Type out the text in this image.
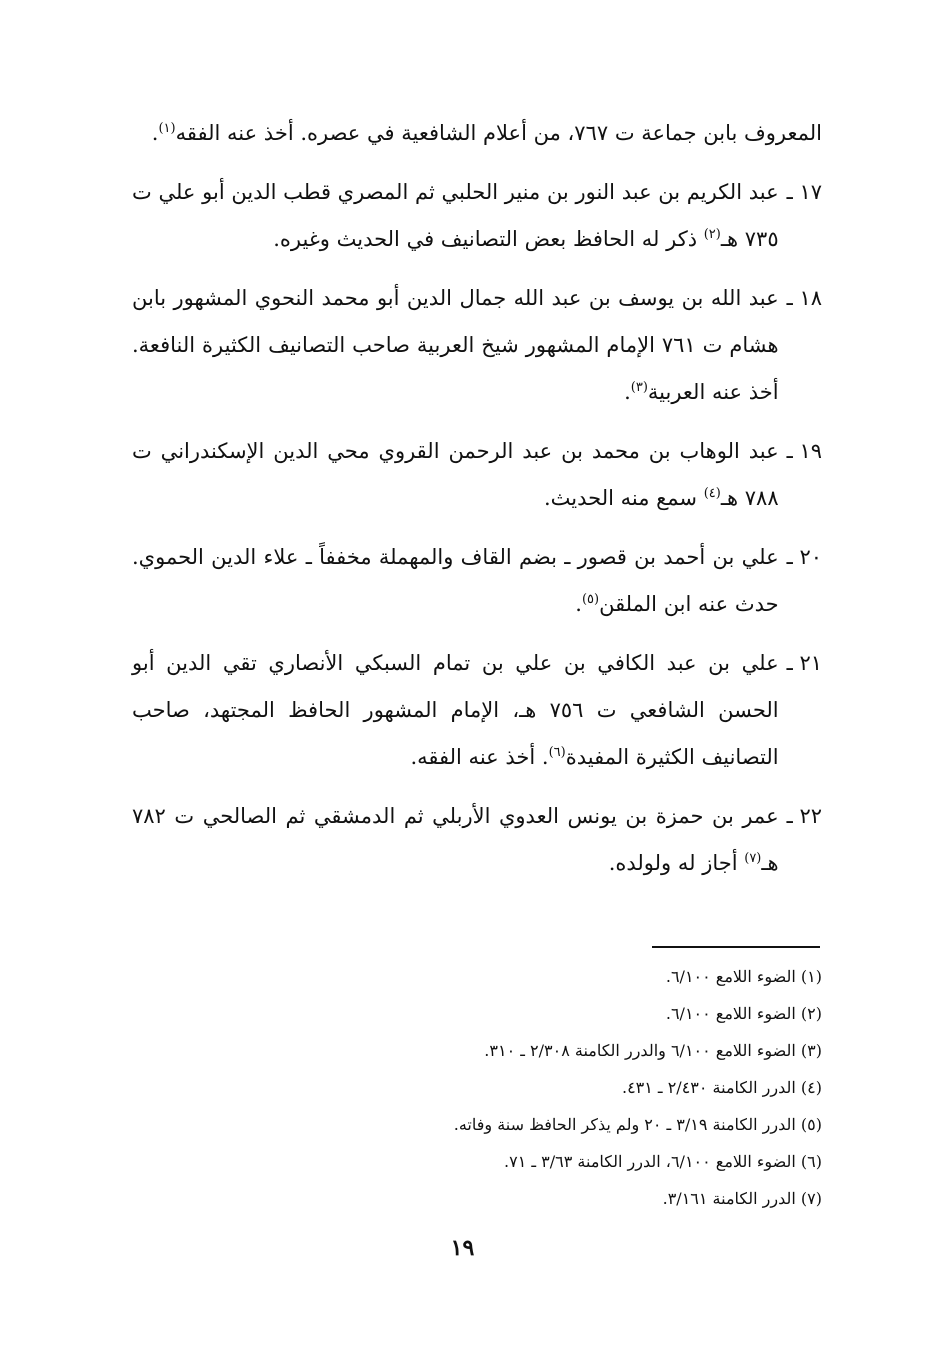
المعروف بابن جماعة ت ٧٦٧، من أعلام الشافعية في عصره. أخذ عنه الفقه$^{(١)}$.

١٧ ـ

عبد الكريم بن عبد النور بن منير الحلبي ثم المصري قطب الدين أبو علي ت ٧٣٥ هـ$^{(٢)}$ ذكر له الحافظ بعض التصانيف في الحديث وغيره.

١٨ ـ

عبد الله بن يوسف بن عبد الله جمال الدين أبو محمد النحوي المشهور بابن هشام ت ٧٦١ الإمام المشهور شيخ العربية صاحب التصانيف الكثيرة النافعة. أخذ عنه العربية$^{(٣)}$.

١٩ ـ

عبد الوهاب بن محمد بن عبد الرحمن القروي محي الدين الإسكندراني ت ٧٨٨ هـ$^{(٤)}$ سمع منه الحديث.

٢٠ ـ

علي بن أحمد بن قصور ـ بضم القاف والمهملة مخففاً ـ علاء الدين الحموي. حدث عنه ابن الملقن$^{(٥)}$.

٢١ ـ

علي بن عبد الكافي بن علي بن تمام السبكي الأنصاري تقي الدين أبو الحسن الشافعي ت ٧٥٦ هـ، الإمام المشهور الحافظ المجتهد، صاحب التصانيف الكثيرة المفيدة$^{(٦)}$. أخذ عنه الفقه.

٢٢ ـ

عمر بن حمزة بن يونس العدوي الأربلي ثم الدمشقي ثم الصالحي ت ٧٨٢ هـ$^{(٧)}$ أجاز له ولولده.

(١) الضوء اللامع ٦/١٠٠.
(٢) الضوء اللامع ٦/١٠٠.
(٣) الضوء اللامع ٦/١٠٠ والدرر الكامنة ٢/٣٠٨ ـ ٣١٠.
(٤) الدرر الكامنة ٢/٤٣٠ ـ ٤٣١.
(٥) الدرر الكامنة ٣/١٩ ـ ٢٠ ولم يذكر الحافظ سنة وفاته.
(٦) الضوء اللامع ٦/١٠٠، الدرر الكامنة ٣/٦٣ ـ ٧١.
(٧) الدرر الكامنة ٣/١٦١.
١٩
